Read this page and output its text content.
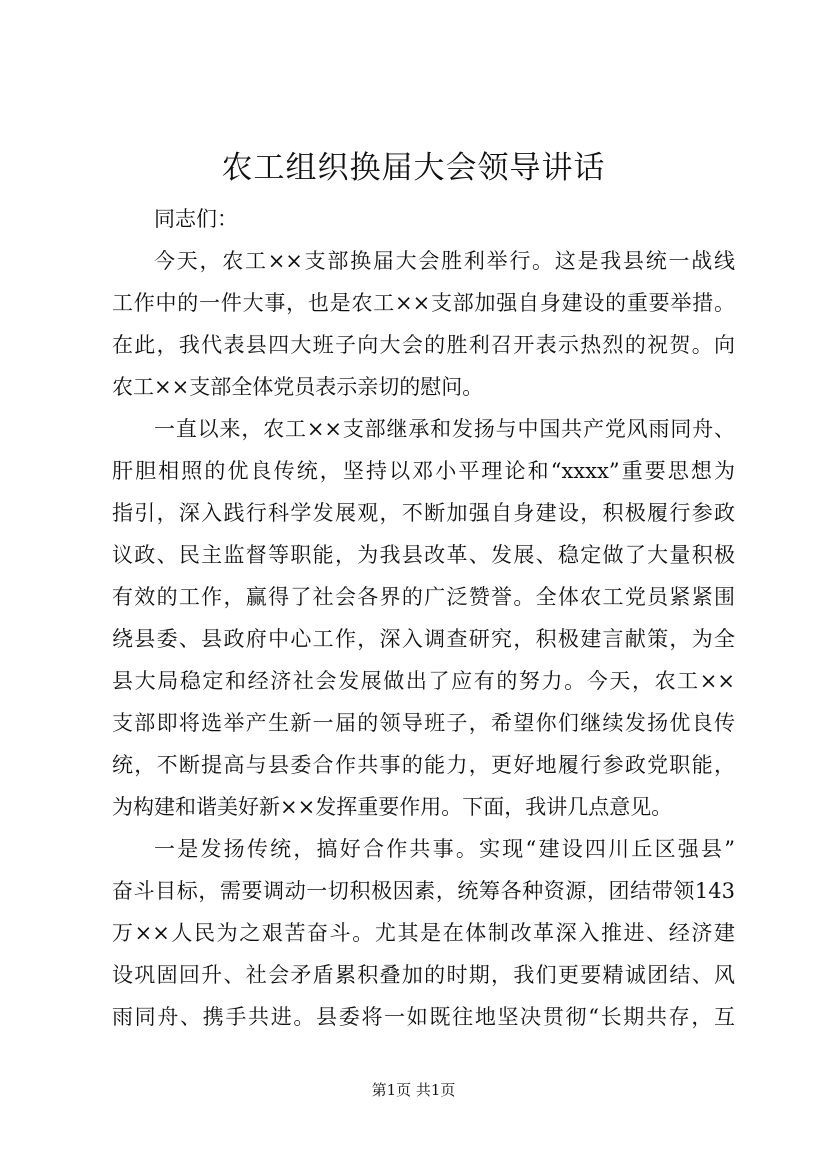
农工组织换届大会领导讲话

同志们：

今天，农工××支部换届大会胜利举行。这是我县统一战线

工作中的一件大事，也是农工××支部加强自身建设的重要举措。

在此，我代表县四大班子向大会的胜利召开表示热烈的祝贺。向

农工××支部全体党员表示亲切的慰问。

一直以来，农工××支部继承和发扬与中国共产党风雨同舟、

肝胆相照的优良传统，坚持以邓小平理论和“xxxx”重要思想为

指引，深入践行科学发展观，不断加强自身建设，积极履行参政

议政、民主监督等职能，为我县改革、发展、稳定做了大量积极

有效的工作，赢得了社会各界的广泛赞誉。全体农工党员紧紧围

绕县委、县政府中心工作，深入调查研究，积极建言献策，为全

县大局稳定和经济社会发展做出了应有的努力。今天，农工××

支部即将选举产生新一届的领导班子，希望你们继续发扬优良传

统，不断提高与县委合作共事的能力，更好地履行参政党职能，

为构建和谐美好新××发挥重要作用。下面，我讲几点意见。

一是发扬传统，搞好合作共事。实现“建设四川丘区强县”

奋斗目标，需要调动一切积极因素，统筹各种资源，团结带领143

万××人民为之艰苦奋斗。尤其是在体制改革深入推进、经济建

设巩固回升、社会矛盾累积叠加的时期，我们更要精诚团结、风

雨同舟、携手共进。县委将一如既往地坚决贯彻“长期共存，互

第1页 共1页
